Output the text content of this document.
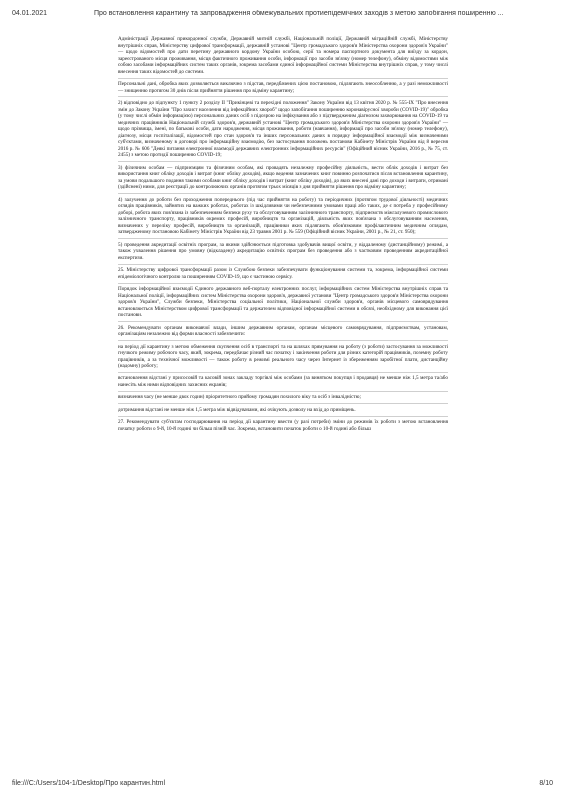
04.01.2021	Про встановлення карантину та запровадження обмежувальних протиепідемічних заходів з метою запобігання поширенню ...

Адміністрації Державної прикордонної служби, Державній митній службі, Національній поліції, Державній міграційній службі, Міністерству внутрішніх справ, Міністерству цифрової трансформації, державній установі "Центр громадського здоров'я Міністерства охорони здоров'я України" — щодо відомостей про дати перетину державного кордону України особою, серії та номера паспортного документа для виїзду за кордон, зареєстрованого місця проживання, місця фактичного проживання особи, інформації про засоби зв'язку (номер телефону), обміну відомостями між собою засобами інформаційних систем таких органів, зокрема засобами єдиної інформаційної системи Міністерства внутрішніх справ, у тому числі внесення таких відомостей до системи.

Персональні дані, обробка яких дозволяється виключно з підстав, передбачених цією постановою, підлягають знеособленню, а у разі неможливості — знищенню протягом 30 днів після прийняття рішення про відміну карантину;

2) відповідно до підпункту 1 пункту 2 розділу II "Прикінцеві та перехідні положення" Закону України від 13 квітня 2020 р. № 555-IX "Про внесення змін до Закону України "Про захист населення від інфекційних хвороб" щодо запобігання поширенню коронавірусної хвороби (COVID-19)" обробка (у тому числі обмін інформацією) персональних даних осіб з підозрою на інфікування або з підтвердженим діагнозом захворювання на COVID-19 та медичних працівників Національній службі здоров'я, державній установі "Центр громадського здоров'я Міністерства охорони здоров'я України" — щодо прізвища, імені, по батькові особи, дати народження, місця проживання, роботи (навчання), інформації про засоби зв'язку (номер телефону), діагнозу, місця госпіталізації, відомостей про стан здоров'я та інших персональних даних в порядку інформаційної взаємодії між визначеними суб'єктами, визначеному в договорі про інформаційну взаємодію, без застосування положень постанови Кабінету Міністрів України від 8 вересня 2016 р. № 606 "Деякі питання електронної взаємодії державних електронних інформаційних ресурсів" (Офіційний вісник України, 2016 р., № 75, ст. 2455) з метою протидії поширенню COVID-19;

3) фізичним особам — підприємцям та фізичним особам, які провадять незалежну професійну діяльність, вести облік доходів і витрат без використання книг обліку доходів і витрат (книг обліку доходів), якщо ведення зазначених книг повинно розпочатися після встановлення карантину, за умови подальшого подання такими особами книг обліку доходів і витрат (книг обліку доходів), до яких внесені дані про доходи і витрати, отримані (здійснені) ними, для реєстрації до контролюючих органів протягом трьох місяців з дня прийняття рішення про відміну карантину;

4) залучення до роботи без проходження попереднього (під час прийняття на роботу) та періодичних (протягом трудової діяльності) медичних оглядів працівників, зайнятих на важких роботах, роботах із шкідливими чи небезпечними умовами праці або таких, де є потреба у професійному доборі, робота яких пов'язана із забезпеченням безпеки руху та обслуговуванням залізничного транспорту, підприємств міжгалузевого промислового залізничного транспорту, працівників окремих професій, виробництв та організацій, діяльність яких пов'язана з обслуговуванням населення, визначених у переліку професій, виробництв та організацій, працівники яких підлягають обов'язковим профілактичним медичним оглядам, затвердженому постановою Кабінету Міністрів України від 23 травня 2001 р. № 559 (Офіційний вісник України, 2001 р., № 21, ст. 950);

5) проведення акредитації освітніх програм, за якими здійснюється підготовка здобувачів вищої освіти, у віддаленому (дистанційному) режимі, а також ухвалення рішення про умовну (відкладену) акредитацію освітніх програм без проведення або з частковим проведенням акредитаційної експертизи.

25. Міністерству цифрової трансформації разом із Службою безпеки забезпечувати функціонування системи та, зокрема, інформаційної системи епідеміологічного контролю за поширенням COVID-19, що є частиною сервісу.

Порядок інформаційної взаємодії Єдиного державного веб-порталу електронних послуг, інформаційних систем Міністерства внутрішніх справ та Національної поліції, інформаційних систем Міністерства охорони здоров'я, державної установи "Центр громадського здоров'я Міністерства охорони здоров'я України", Служби безпеки, Міністерства соціальної політики, Національної служби здоров'я, органів місцевого самоврядування встановлюється Міністерством цифрової трансформації та держателем відповідної інформаційної системи в обсязі, необхідному для виконання цієї постанови.

26. Рекомендувати органам виконавчої влади, іншим державним органам, органам місцевого самоврядування, підприємствам, установам, організаціям незалежно від форми власності забезпечити:

на період дії карантину з метою обмеження скупчення осіб в транспорті та на шляхах прямування на роботу (з роботи) застосування за можливості гнучкого режиму робочого часу, який, зокрема, передбачає різний час початку і закінчення роботи для різних категорій працівників, поземну роботу працівників, а за технічної можливості — також роботу в режимі реального часу через Інтернет із збереженням заробітної плати, дистанційну (надомну) роботу;

встановлення відстані у присосовій та касовій зонах закладу торгівлі між особами (за винятком покупця і продавця) не менше ніж 1,5 метра та/або нанесіть між ними відповідних захисних екранів;

визначення часу (не менше двох годин) пріоритетного прийому громадян похилого віку та осіб з інвалідністю;

дотримання відстані не менше ніж 1,5 метра між відвідувачами, які очікують дозволу на вхід до приміщень.

27. Рекомендувати суб'єктам господарювання на період дії карантину ввести (у разі потреби) зміни до режимів їх роботи з метою встановлення початку роботи о 9-й, 10-й годині чи більш пізній час. Зокрема, встановити початок роботи о 10-й годині або більш

file:///C:/Users/104-1/Desktop/Про карантин.html	8/10
